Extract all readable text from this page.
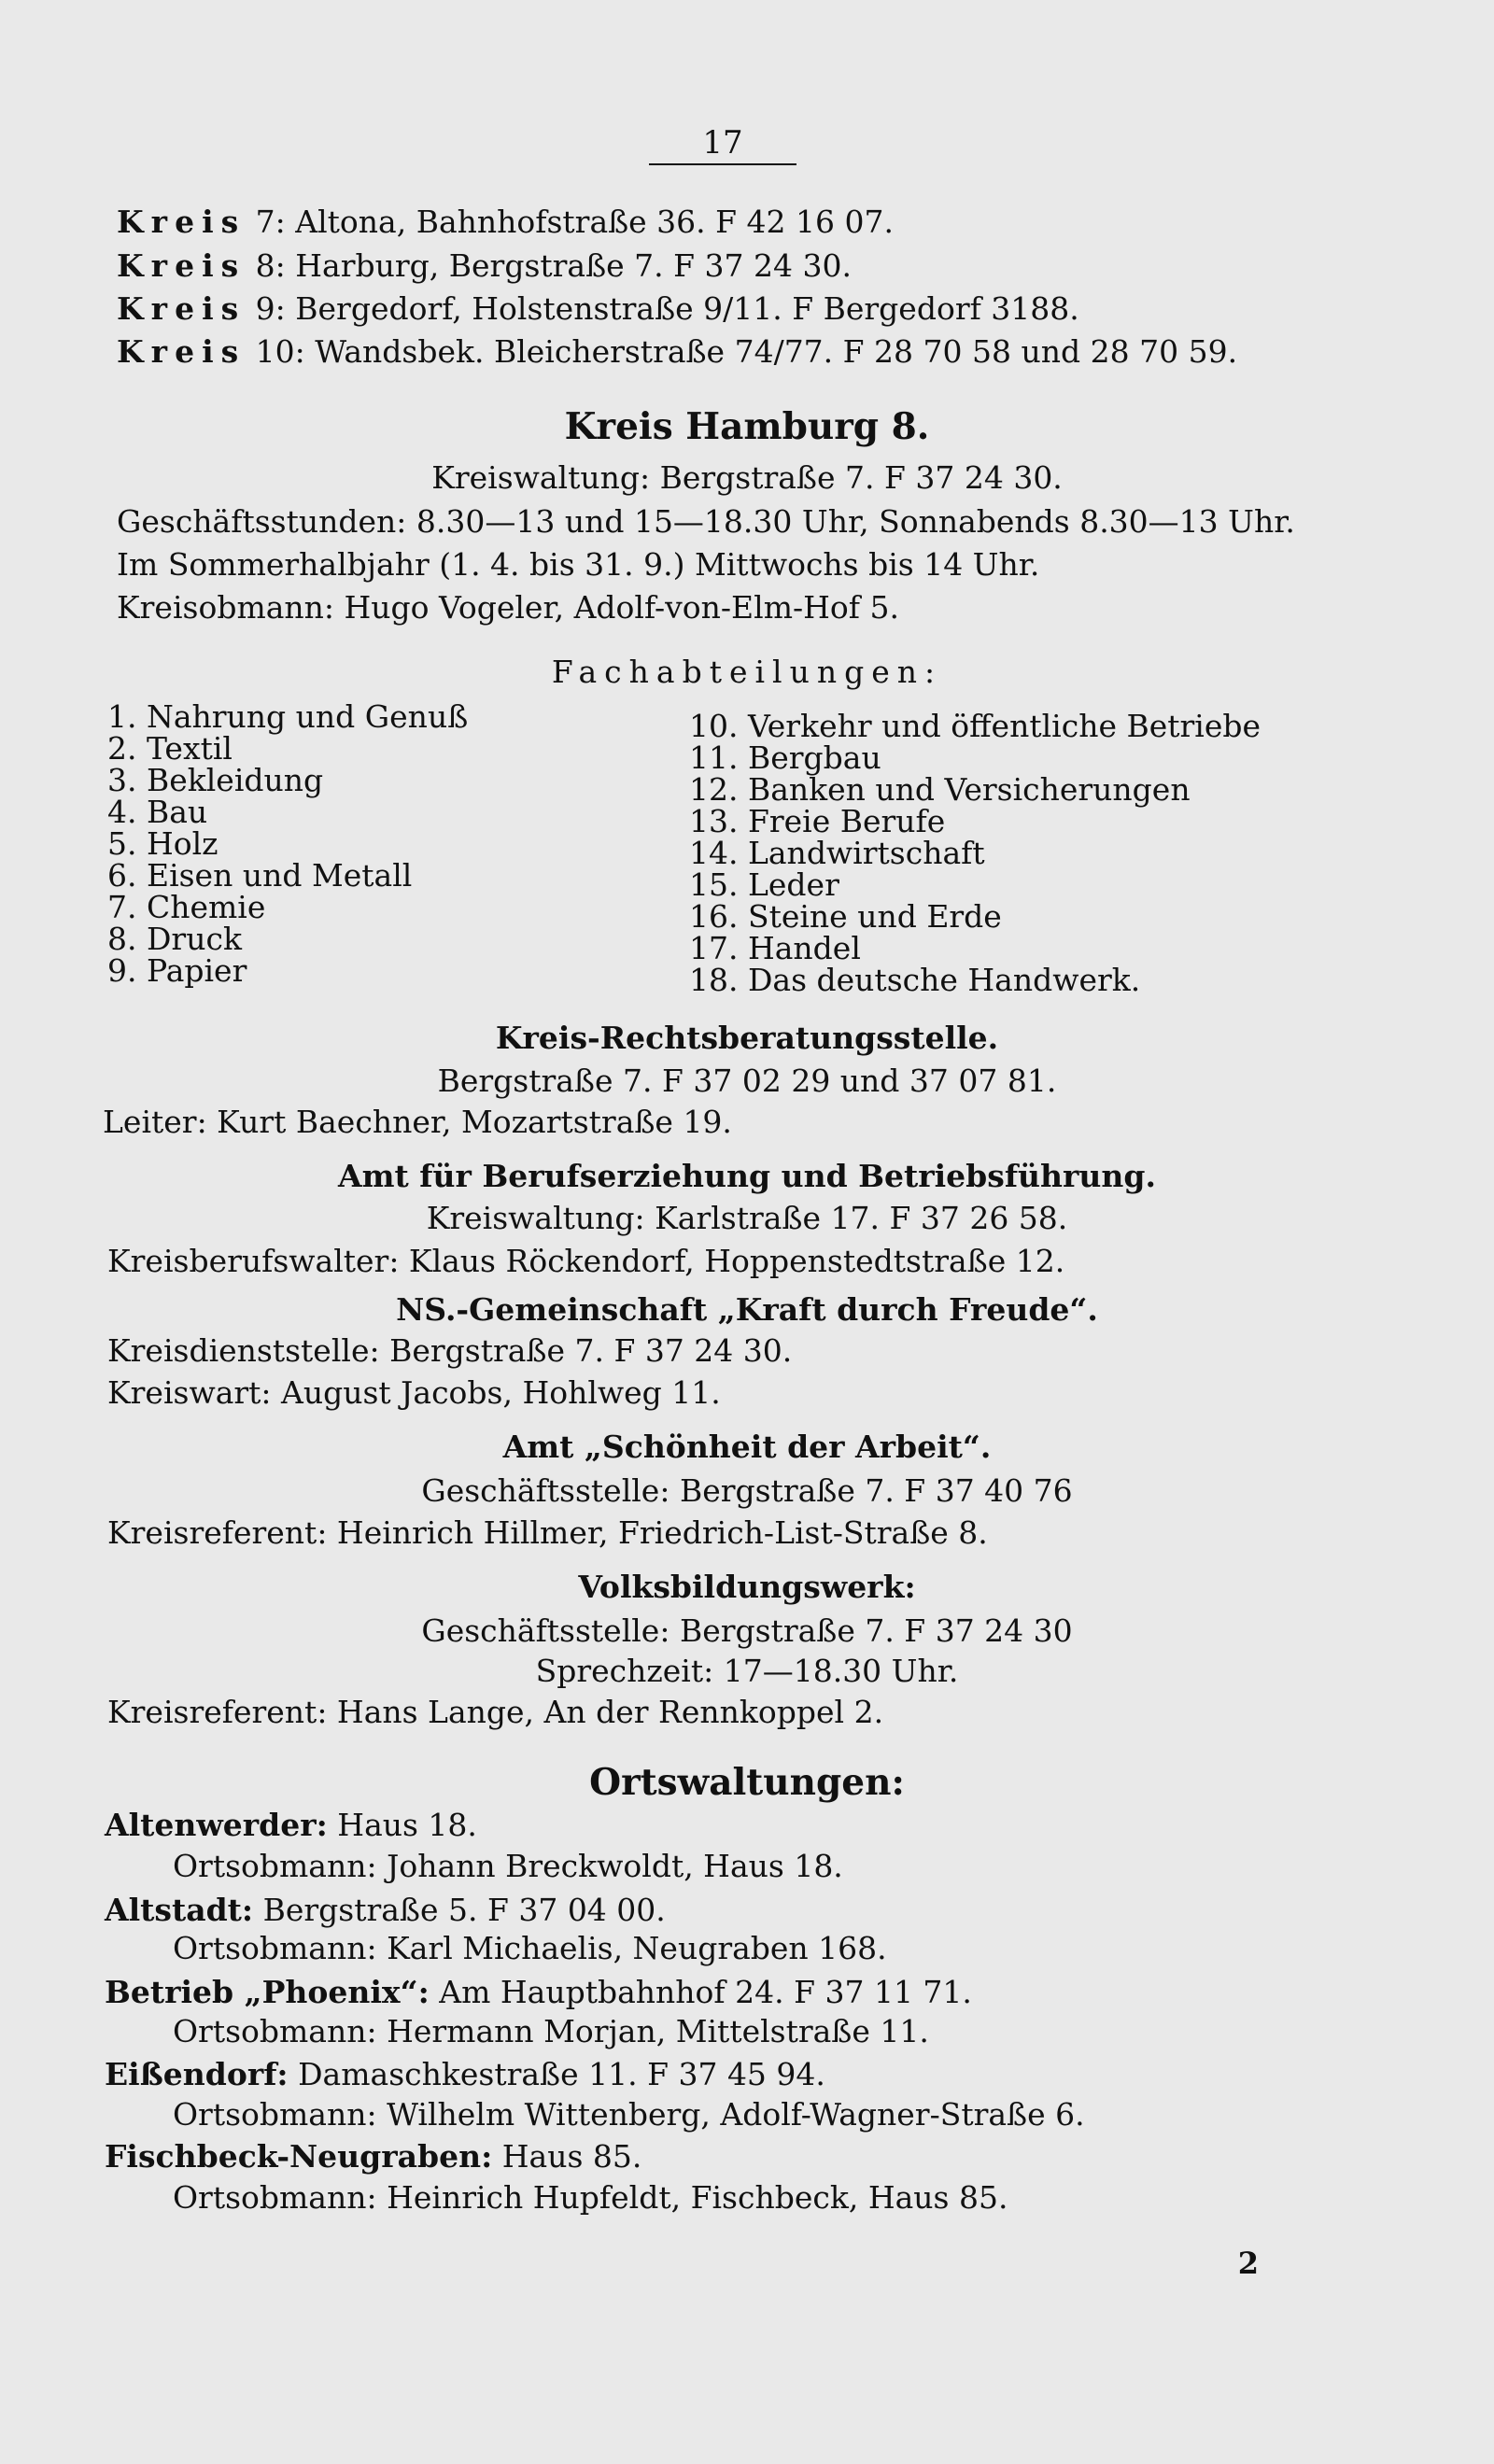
17
Kreis 7: Altona, Bahnhofstraße 36. F 42 16 07.
Kreis 8: Harburg, Bergstraße 7. F 37 24 30.
Kreis 9: Bergedorf, Holstenstraße 9/11. F Bergedorf 3188.
Kreis 10: Wandsbek. Bleicherstraße 74/77. F 28 70 58 und 28 70 59.
Kreis Hamburg 8.
Kreiswaltung: Bergstraße 7. F 37 24 30.
Geschäftsstunden: 8.30—13 und 15—18.30 Uhr, Sonnabends 8.30—13 Uhr.
Im Sommerhalbjahr (1. 4. bis 31. 9.) Mittwochs bis 14 Uhr.
Kreisobmann: Hugo Vogeler, Adolf-von-Elm-Hof 5.
Fachabteilungen:
1. Nahrung und Genuß
2. Textil
3. Bekleidung
4. Bau
5. Holz
6. Eisen und Metall
7. Chemie
8. Druck
9. Papier
10. Verkehr und öffentliche Betriebe
11. Bergbau
12. Banken und Versicherungen
13. Freie Berufe
14. Landwirtschaft
15. Leder
16. Steine und Erde
17. Handel
18. Das deutsche Handwerk.
Kreis-Rechtsberatungsstelle.
Bergstraße 7. F 37 02 29 und 37 07 81.
Leiter: Kurt Baechner, Mozartstraße 19.
Amt für Berufserziehung und Betriebsführung.
Kreiswaltung: Karlstraße 17. F 37 26 58.
Kreisberufswalter: Klaus Röckendorf, Hoppenstedtstraße 12.
NS.-Gemeinschaft „Kraft durch Freude“.
Kreisdienststelle: Bergstraße 7. F 37 24 30.
Kreiswart: August Jacobs, Hohlweg 11.
Amt „Schönheit der Arbeit“.
Geschäftsstelle: Bergstraße 7. F 37 40 76
Kreisreferent: Heinrich Hillmer, Friedrich-List-Straße 8.
Volksbildungswerk:
Geschäftsstelle: Bergstraße 7. F 37 24 30
Sprechzeit: 17—18.30 Uhr.
Kreisreferent: Hans Lange, An der Rennkoppel 2.
Ortswaltungen:
Altenwerder: Haus 18.
Ortsobmann: Johann Breckwoldt, Haus 18.
Altstadt: Bergstraße 5. F 37 04 00.
Ortsobmann: Karl Michaelis, Neugraben 168.
Betrieb „Phoenix“: Am Hauptbahnhof 24. F 37 11 71.
Ortsobmann: Hermann Morjan, Mittelstraße 11.
Eißendorf: Damaschkestraße 11. F 37 45 94.
Ortsobmann: Wilhelm Wittenberg, Adolf-Wagner-Straße 6.
Fischbeck-Neugraben: Haus 85.
Ortsobmann: Heinrich Hupfeldt, Fischbeck, Haus 85.
2
